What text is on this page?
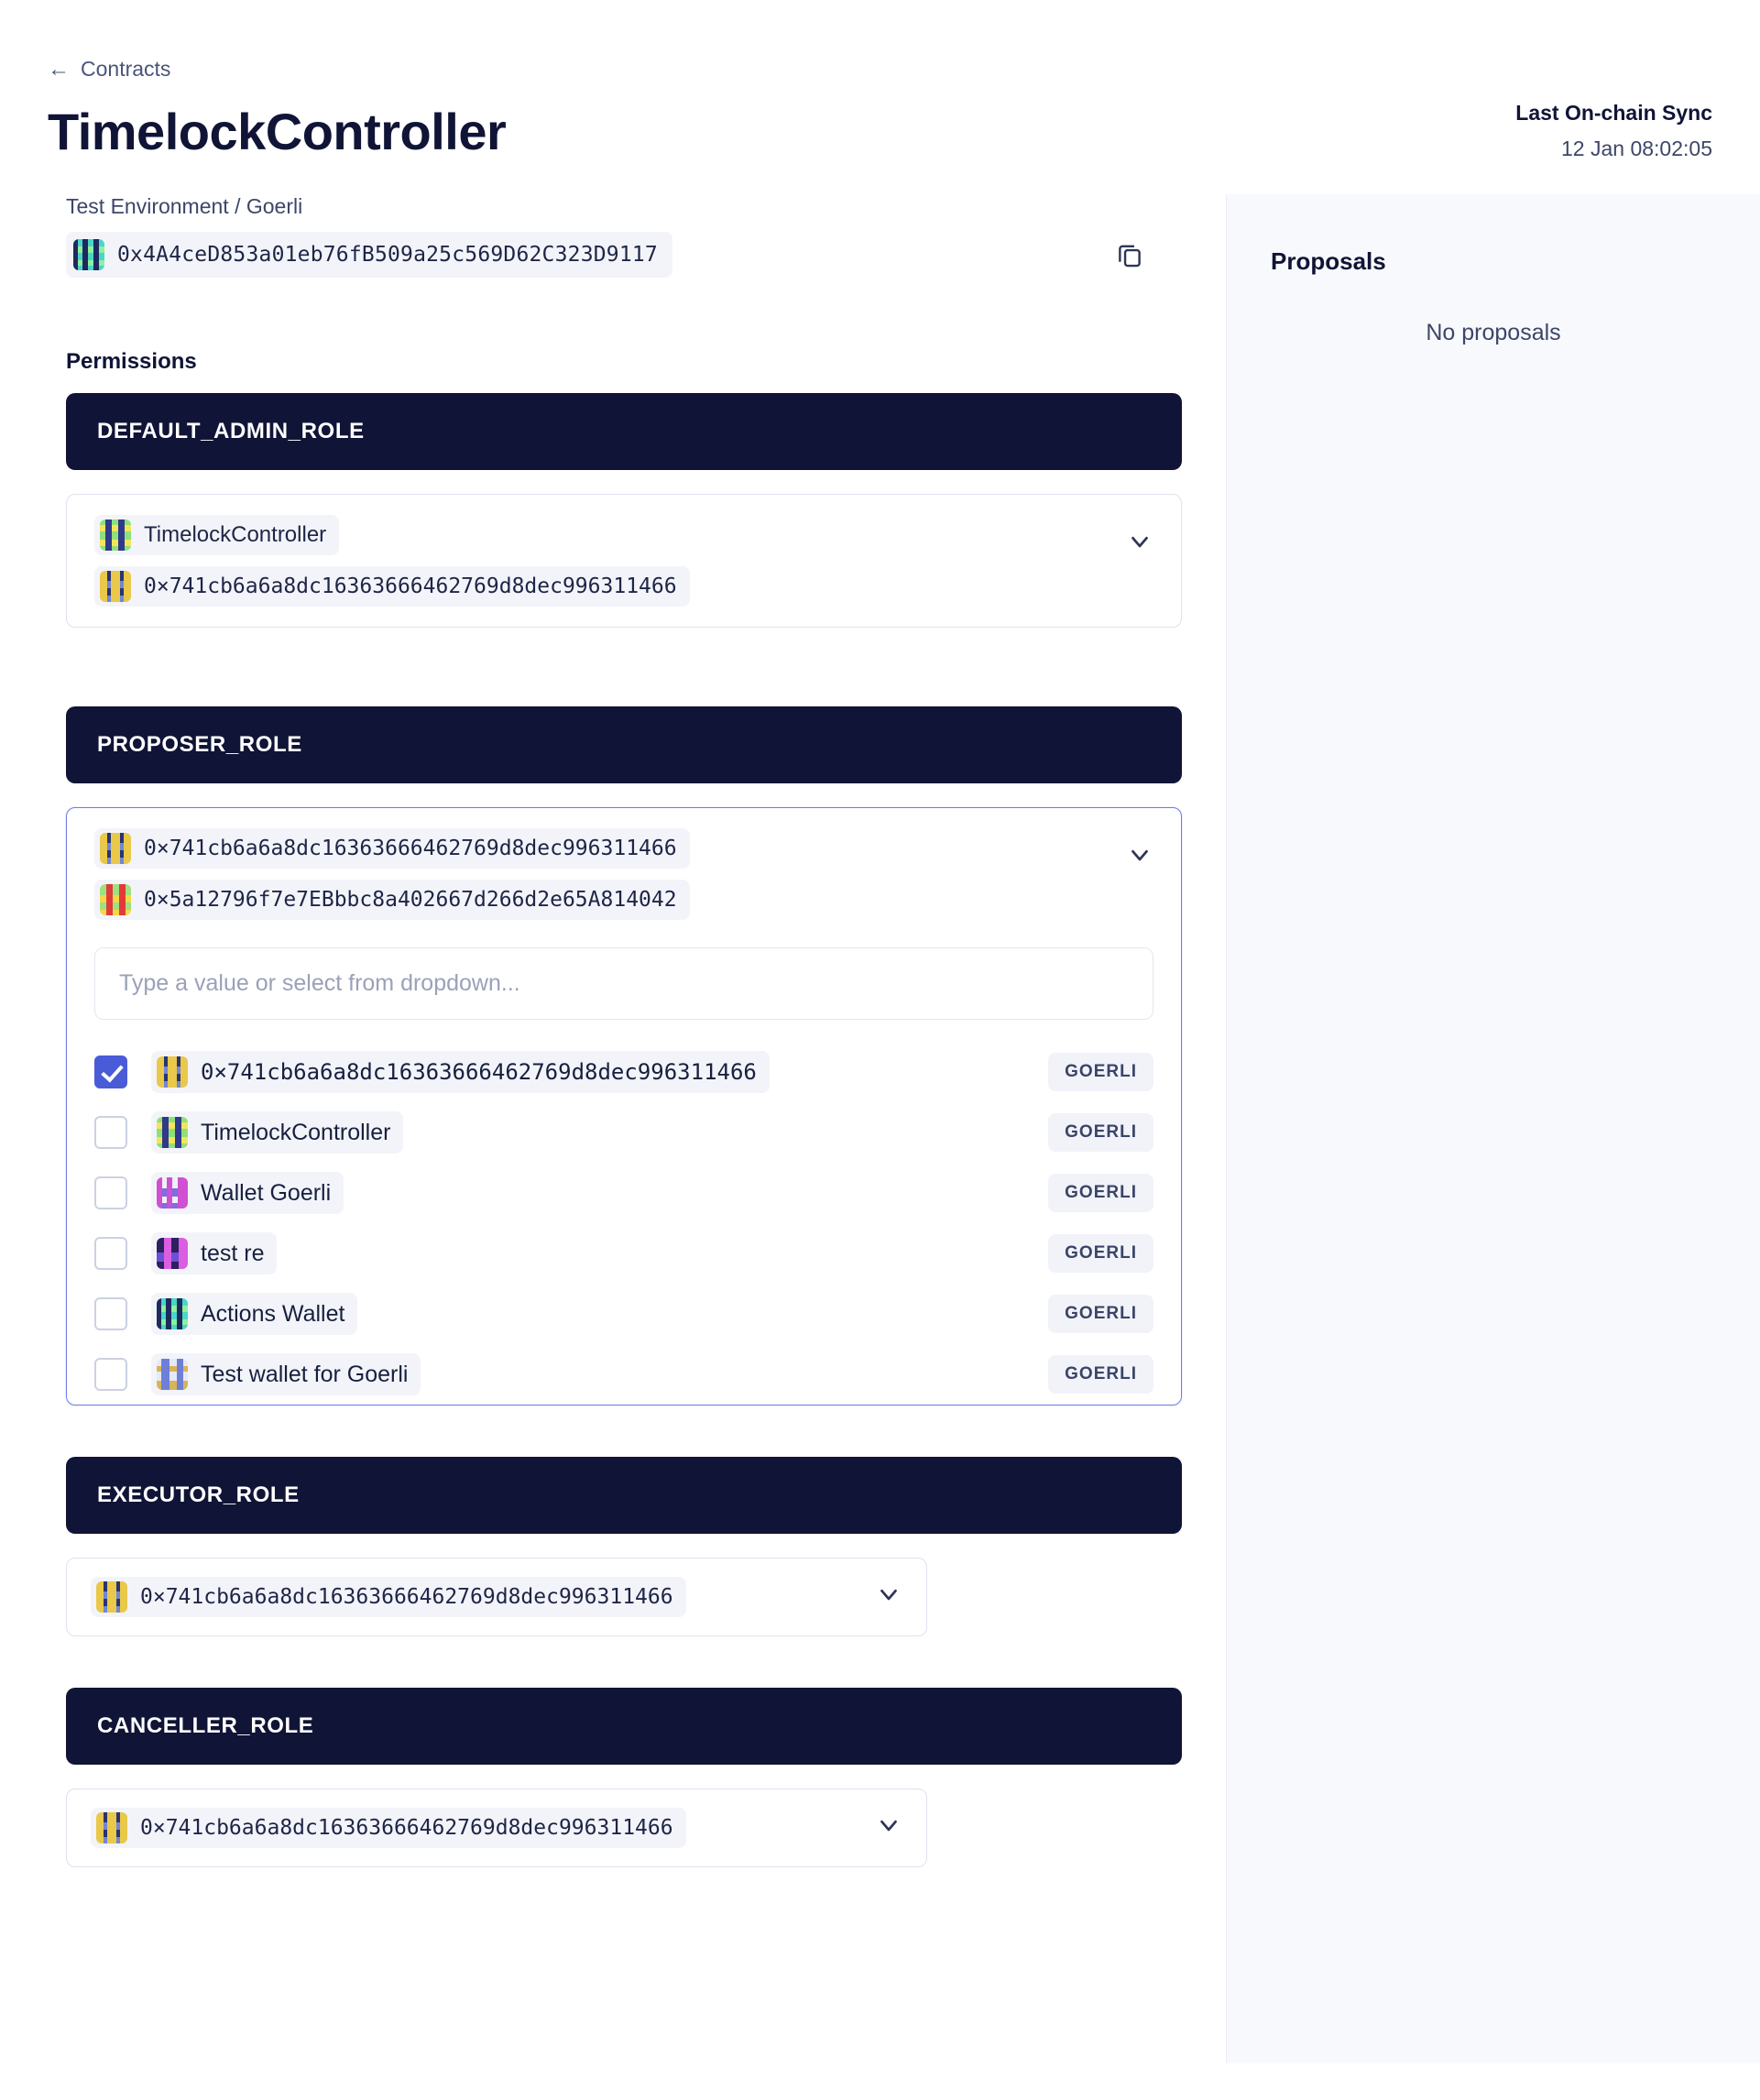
← Contracts
TimelockController	Last On-chain Sync
12 Jan 08:02:05
Test Environment / Goerli
0x4A4ceD853a01eb76fB509a25c569D62C323D9117
Permissions
DEFAULT_ADMIN_ROLE
TimelockController
0×741cb6a6a8dc16363666462769d8dec996311466
PROPOSER_ROLE
0×741cb6a6a8dc16363666462769d8dec996311466
0×5a12796f7e7EBbbc8a402667d266d2e65A814042
Type a value or select from dropdown...
0×741cb6a6a8dc16363666462769d8dec996311466	GOERLI
TimelockController	GOERLI
Wallet Goerli	GOERLI
test re	GOERLI
Actions Wallet	GOERLI
Test wallet for Goerli	GOERLI
EXECUTOR_ROLE
0×741cb6a6a8dc16363666462769d8dec996311466
CANCELLER_ROLE
0×741cb6a6a8dc16363666462769d8dec996311466
Proposals
No proposals
